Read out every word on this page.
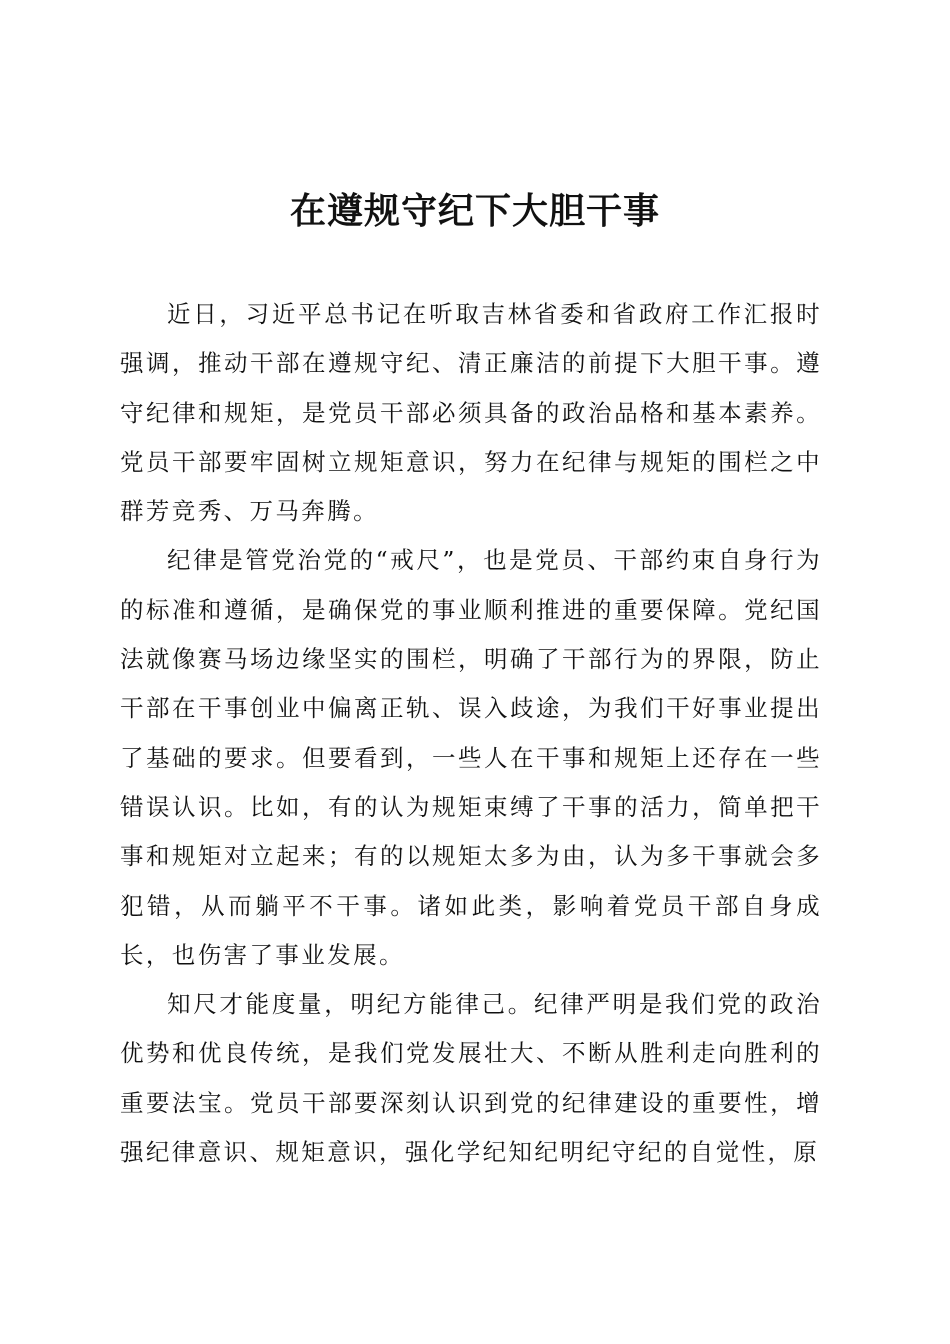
在遵规守纪下大胆干事

近日，习近平总书记在听取吉林省委和省政府工作汇报时强调，推动干部在遵规守纪、清正廉洁的前提下大胆干事。遵守纪律和规矩，是党员干部必须具备的政治品格和基本素养。党员干部要牢固树立规矩意识，努力在纪律与规矩的围栏之中群芳竞秀、万马奔腾。

纪律是管党治党的“戒尺”，也是党员、干部约束自身行为的标准和遵循，是确保党的事业顺利推进的重要保障。党纪国法就像赛马场边缘坚实的围栏，明确了干部行为的界限，防止干部在干事创业中偏离正轨、误入歧途，为我们干好事业提出了基础的要求。但要看到，一些人在干事和规矩上还存在一些错误认识。比如，有的认为规矩束缚了干事的活力，简单把干事和规矩对立起来；有的以规矩太多为由，认为多干事就会多犯错，从而躺平不干事。诸如此类，影响着党员干部自身成长，也伤害了事业发展。

知尺才能度量，明纪方能律己。纪律严明是我们党的政治优势和优良传统，是我们党发展壮大、不断从胜利走向胜利的重要法宝。党员干部要深刻认识到党的纪律建设的重要性，增强纪律意识、规矩意识，强化学纪知纪明纪守纪的自觉性，原
